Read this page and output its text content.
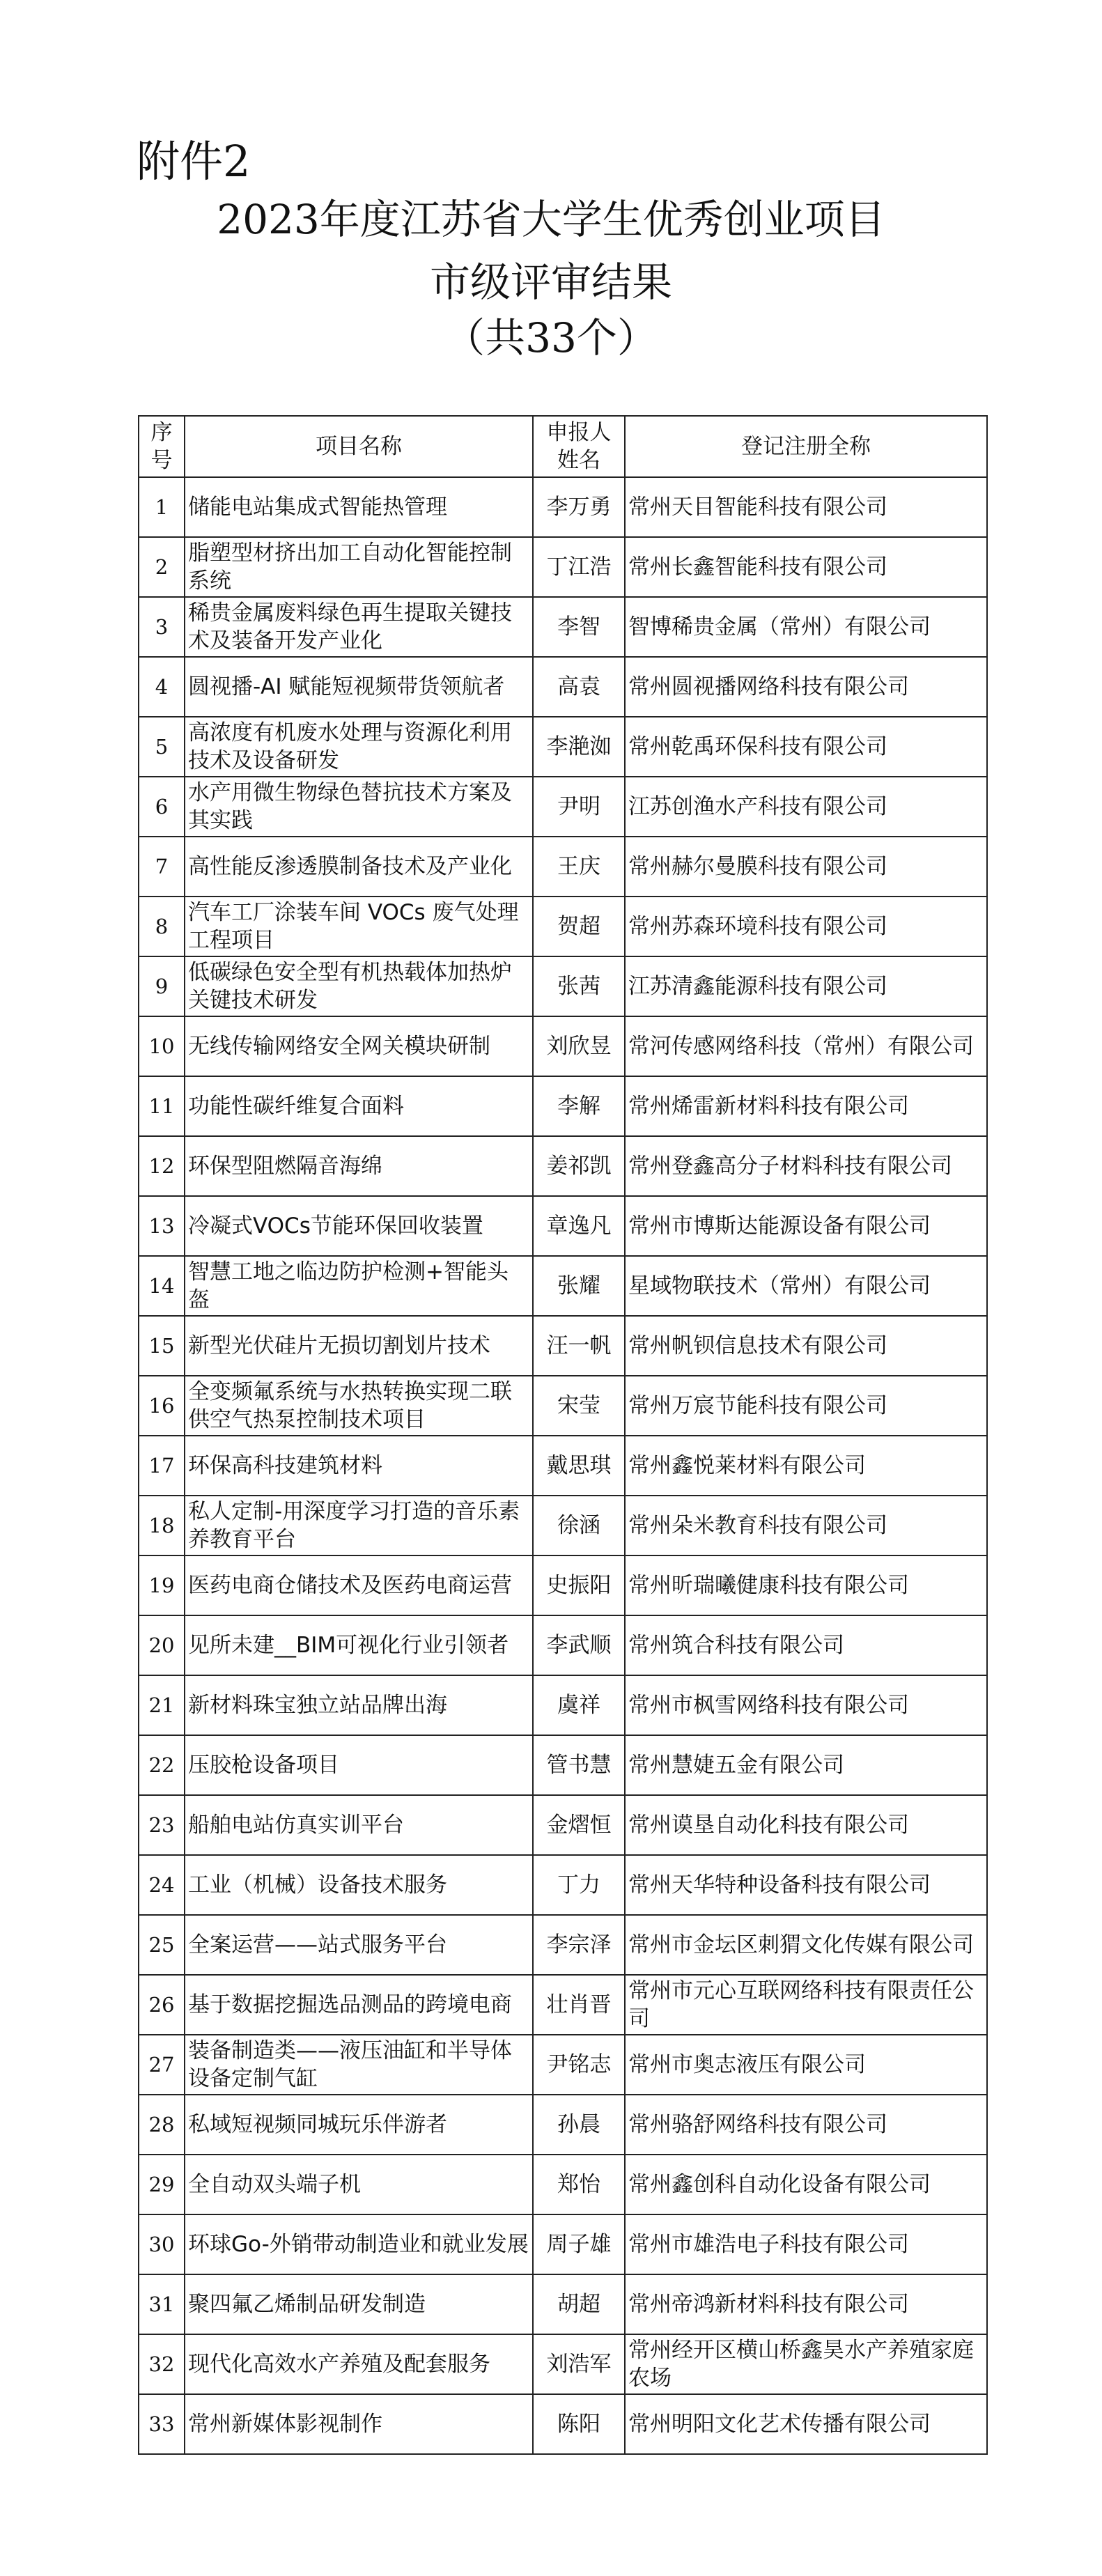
附件2
2023年度江苏省大学生优秀创业项目
市级评审结果
（共33个）
序号	项目名称	申报人姓名	登记注册全称
1	储能电站集成式智能热管理	李万勇	常州天目智能科技有限公司
2	脂塑型材挤出加工自动化智能控制系统	丁江浩	常州长鑫智能科技有限公司
3	稀贵金属废料绿色再生提取关键技术及装备开发产业化	李智	智博稀贵金属（常州）有限公司
4	圆视播-AI 赋能短视频带货领航者	高袁	常州圆视播网络科技有限公司
5	高浓度有机废水处理与资源化利用技术及设备研发	李滟洳	常州乾禹环保科技有限公司
6	水产用微生物绿色替抗技术方案及其实践	尹明	江苏创渔水产科技有限公司
7	高性能反渗透膜制备技术及产业化	王庆	常州赫尔曼膜科技有限公司
8	汽车工厂涂装车间 VOCs 废气处理工程项目	贺超	常州苏森环境科技有限公司
9	低碳绿色安全型有机热载体加热炉关键技术研发	张茜	江苏清鑫能源科技有限公司
10	无线传输网络安全网关模块研制	刘欣昱	常河传感网络科技（常州）有限公司
11	功能性碳纤维复合面料	李解	常州烯雷新材料科技有限公司
12	环保型阻燃隔音海绵	姜祁凯	常州登鑫高分子材料科技有限公司
13	冷凝式VOCs节能环保回收装置	章逸凡	常州市博斯达能源设备有限公司
14	智慧工地之临边防护检测+智能头盔	张耀	星域物联技术（常州）有限公司
15	新型光伏硅片无损切割划片技术	汪一帆	常州帆钡信息技术有限公司
16	全变频氟系统与水热转换实现二联供空气热泵控制技术项目	宋莹	常州万宸节能科技有限公司
17	环保高科技建筑材料	戴思琪	常州鑫悦莱材料有限公司
18	私人定制-用深度学习打造的音乐素养教育平台	徐涵	常州朵米教育科技有限公司
19	医药电商仓储技术及医药电商运营	史振阳	常州昕瑞曦健康科技有限公司
20	见所未建__BIM可视化行业引领者	李武顺	常州筑合科技有限公司
21	新材料珠宝独立站品牌出海	虞祥	常州市枫雪网络科技有限公司
22	压胶枪设备项目	管书慧	常州慧婕五金有限公司
23	船舶电站仿真实训平台	金熠恒	常州谟垦自动化科技有限公司
24	工业（机械）设备技术服务	丁力	常州天华特种设备科技有限公司
25	全案运营——站式服务平台	李宗泽	常州市金坛区刺猬文化传媒有限公司
26	基于数据挖掘选品测品的跨境电商	壮肖晋	常州市元心互联网络科技有限责任公司
27	装备制造类——液压油缸和半导体设备定制气缸	尹铭志	常州市奥志液压有限公司
28	私域短视频同城玩乐伴游者	孙晨	常州骆舒网络科技有限公司
29	全自动双头端子机	郑怡	常州鑫创科自动化设备有限公司
30	环球Go-外销带动制造业和就业发展	周子雄	常州市雄浩电子科技有限公司
31	聚四氟乙烯制品研发制造	胡超	常州帝鸿新材料科技有限公司
32	现代化高效水产养殖及配套服务	刘浩军	常州经开区横山桥鑫昊水产养殖家庭农场
33	常州新媒体影视制作	陈阳	常州明阳文化艺术传播有限公司
